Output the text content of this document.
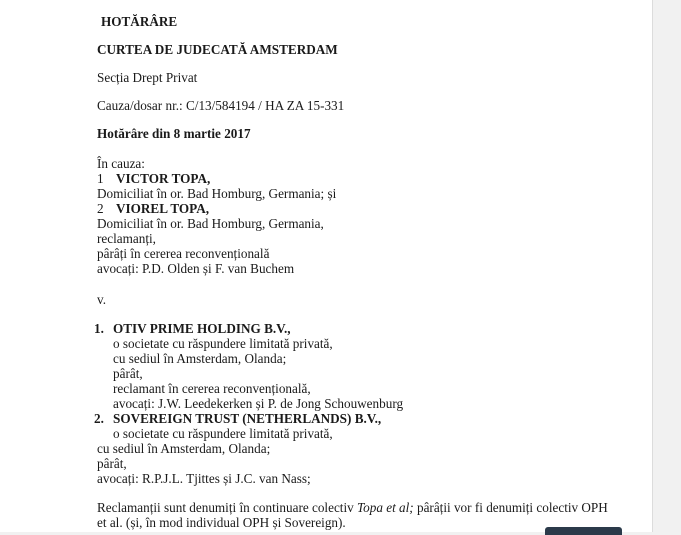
HOTĂRÂRE
CURTEA DE JUDECATĂ AMSTERDAM
Secția Drept Privat
Cauza/dosar nr.: C/13/584194 / HA ZA 15-331
Hotărâre din 8 martie 2017
În cauza:
1 VICTOR TOPA,
Domiciliat în or. Bad Homburg, Germania; și
2 VIOREL TOPA,
Domiciliat în or. Bad Homburg, Germania,
reclamanți,
pârâți în cererea reconvențională
avocați: P.D. Olden și F. van Buchem
v.
1. OTIV PRIME HOLDING B.V.,
o societate cu răspundere limitată privată,
cu sediul în Amsterdam, Olanda;
pârât,
reclamant în cererea reconvențională,
avocați: J.W. Leedekerken și P. de Jong Schouwenburg
2. SOVEREIGN TRUST (NETHERLANDS) B.V.,
o societate cu răspundere limitată privată,
cu sediul în Amsterdam, Olanda;
pârât,
avocați: R.P.J.L. Tjittes și J.C. van Nass;
Reclamanții sunt denumiți în continuare colectiv Topa et al; pârâții vor fi denumiți colectiv OPH
et al. (și, în mod individual OPH și Sovereign).
